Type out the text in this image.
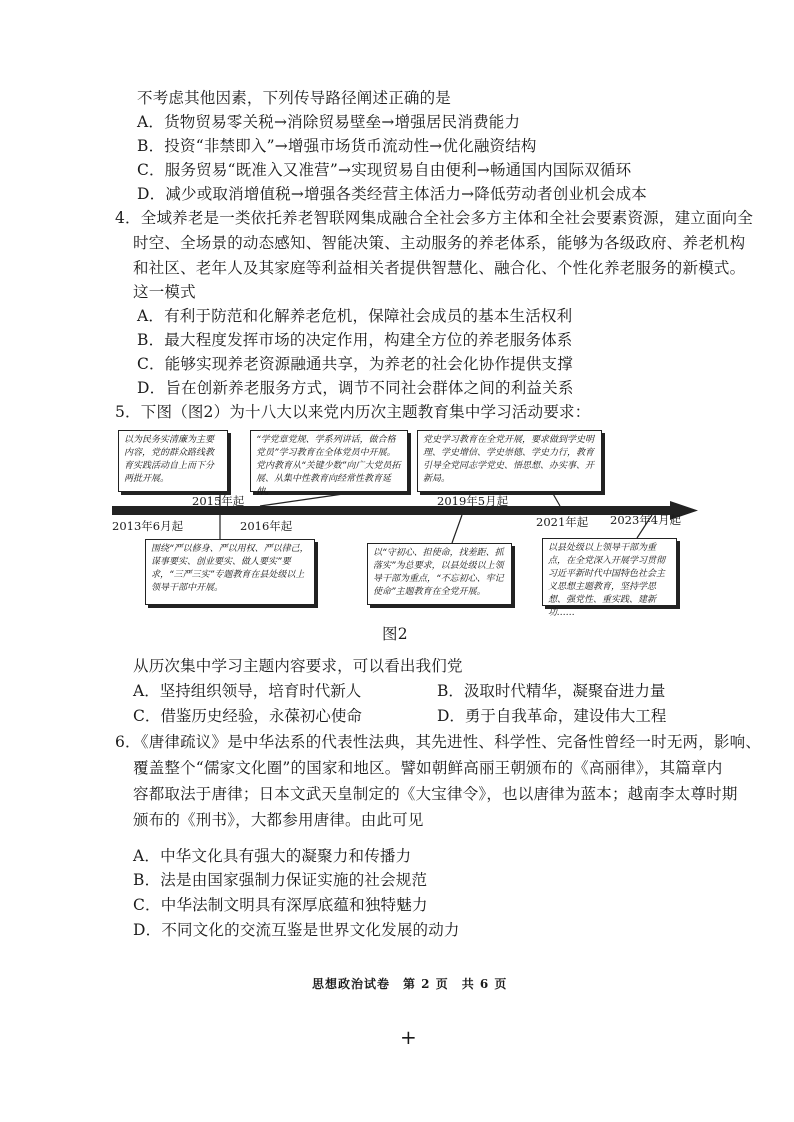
不考虑其他因素，下列传导路径阐述正确的是
A．货物贸易零关税→消除贸易壁垒→增强居民消费能力
B．投资“非禁即入”→增强市场货币流动性→优化融资结构
C．服务贸易“既准入又准营”→实现贸易自由便利→畅通国内国际双循环
D．减少或取消增值税→增强各类经营主体活力→降低劳动者创业机会成本
4．全域养老是一类依托养老智联网集成融合全社会多方主体和全社会要素资源，建立面向全
时空、全场景的动态感知、智能决策、主动服务的养老体系，能够为各级政府、养老机构
和社区、老年人及其家庭等利益相关者提供智慧化、融合化、个性化养老服务的新模式。
这一模式
A．有利于防范和化解养老危机，保障社会成员的基本生活权利
B．最大程度发挥市场的决定作用，构建全方位的养老服务体系
C．能够实现养老资源融通共享，为养老的社会化协作提供支撑
D．旨在创新养老服务方式，调节不同社会群体之间的利益关系
5．下图（图2）为十八大以来党内历次主题教育集中学习活动要求：
以为民务实清廉为主要内容，党的群众路线教育实践活动自上而下分两批开展。
“学党章党规、学系列讲话，做合格党员”学习教育在全体党员中开展。党内教育从“关键少数”向广大党员拓展、从集中性教育向经常性教育延伸。
党史学习教育在全党开展，要求做到学史明理、学史增信、学史崇德、学史力行，教育引导全党同志学党史、悟思想、办实事、开新局。
2013年6月起
2015年起
2016年起
2019年5月起
2021年起 2023年4月起
围绕“严以修身、严以用权、严以律己，谋事要实、创业要实、做人要实”要求，“三严三实”专题教育在县处级以上领导干部中开展。
以“守初心、担使命，找差距、抓落实”为总要求，以县处级以上领导干部为重点，“不忘初心、牢记使命”主题教育在全党开展。
以县处级以上领导干部为重点，在全党深入开展学习贯彻习近平新时代中国特色社会主义思想主题教育，坚持学思想、强党性、重实践、建新功……
图2
从历次集中学习主题内容要求，可以看出我们党
A．坚持组织领导，培育时代新人	B．汲取时代精华，凝聚奋进力量
C．借鉴历史经验，永葆初心使命	D．勇于自我革命，建设伟大工程
6．《唐律疏议》是中华法系的代表性法典，其先进性、科学性、完备性曾经一时无两，影响、
覆盖整个“儒家文化圈”的国家和地区。譬如朝鲜高丽王朝颁布的《高丽律》，其篇章内
容都取法于唐律；日本文武天皇制定的《大宝律令》，也以唐律为蓝本；越南李太尊时期
颁布的《刑书》，大都参用唐律。由此可见
A．中华文化具有强大的凝聚力和传播力
B．法是由国家强制力保证实施的社会规范
C．中华法制文明具有深厚底蕴和独特魅力
D．不同文化的交流互鉴是世界文化发展的动力
思想政治试卷　第 2 页　共 6 页
+
